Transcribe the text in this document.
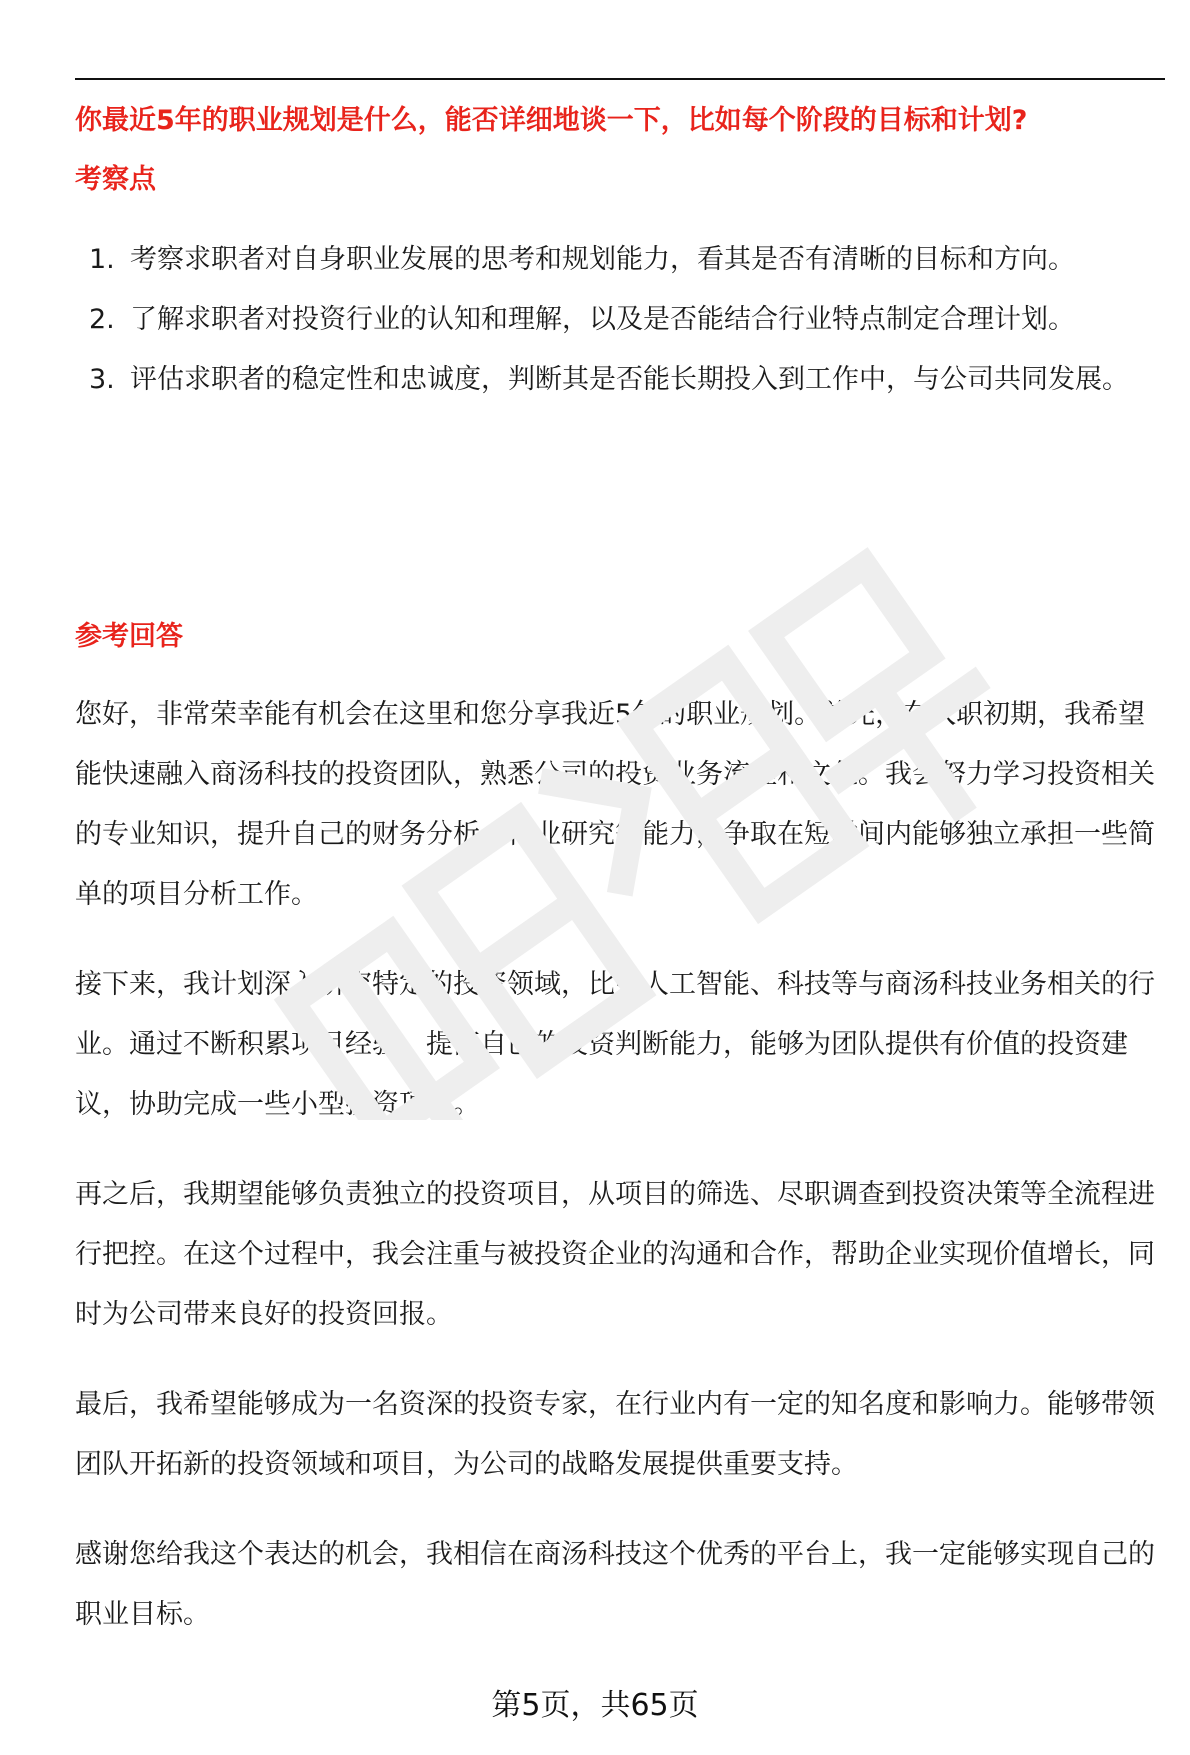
你最近5年的职业规划是什么，能否详细地谈一下，比如每个阶段的目标和计划?
考察点
1. 考察求职者对自身职业发展的思考和规划能力，看其是否有清晰的目标和方向。
2. 了解求职者对投资行业的认知和理解，以及是否能结合行业特点制定合理计划。
3. 评估求职者的稳定性和忠诚度，判断其是否能长期投入到工作中，与公司共同发展。
参考回答

您好，非常荣幸能有机会在这里和您分享我近5年的职业规划。首先，在入职初期，我希望能快速融入商汤科技的投资团队，熟悉公司的投资业务流程和文化。我会努力学习投资相关的专业知识，提升自己的财务分析、行业研究等能力，争取在短时间内能够独立承担一些简单的项目分析工作。

接下来，我计划深入研究特定的投资领域，比如人工智能、科技等与商汤科技业务相关的行业。通过不断积累项目经验，提高自己的投资判断能力，能够为团队提供有价值的投资建议，协助完成一些小型投资项目。

再之后，我期望能够负责独立的投资项目，从项目的筛选、尽职调查到投资决策等全流程进行把控。在这个过程中，我会注重与被投资企业的沟通和合作，帮助企业实现价值增长，同时为公司带来良好的投资回报。

最后，我希望能够成为一名资深的投资专家，在行业内有一定的知名度和影响力。能够带领团队开拓新的投资领域和项目，为公司的战略发展提供重要支持。

感谢您给我这个表达的机会，我相信在商汤科技这个优秀的平台上，我一定能够实现自己的职业目标。

第5页，共65页
